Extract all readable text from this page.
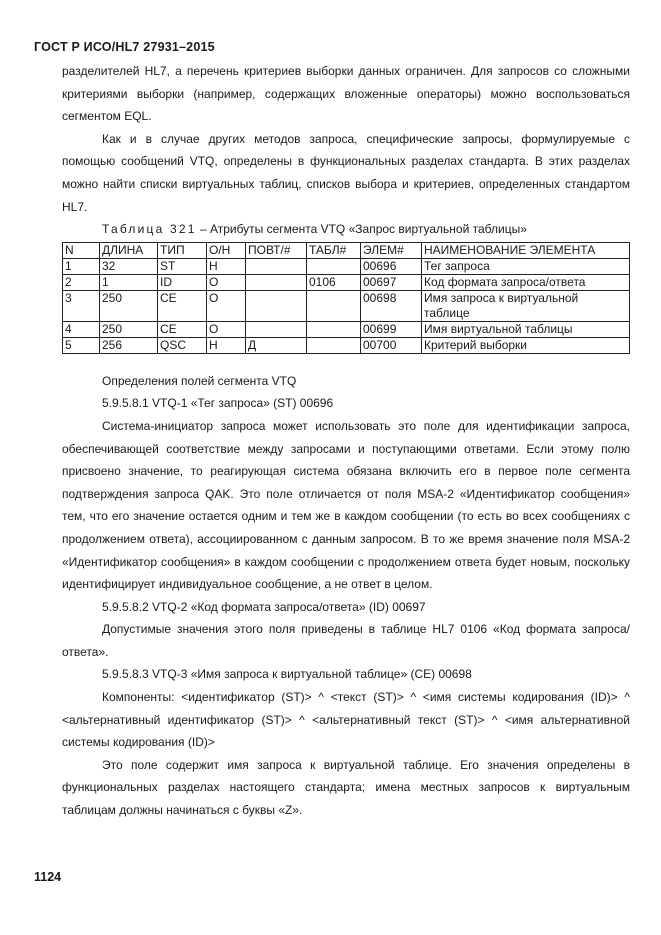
ГОСТ Р ИСО/HL7 27931–2015

разделителей HL7, а перечень критериев выборки данных ограничен. Для запросов со сложными критериями выборки (например, содержащих вложенные операторы) можно воспользоваться сегментом EQL.

Как и в случае других методов запроса, специфические запросы, формулируемые с помощью сообщений VTQ, определены в функциональных разделах стандарта. В этих разделах можно найти списки виртуальных таблиц, списков выбора и критериев, определенных стандартом HL7.

Таблица 321 – Атрибуты сегмента VTQ «Запрос виртуальной таблицы»

N	ДЛИНА	ТИП	О/Н	ПОВТ/#	ТАБЛ#	ЭЛЕМ#	НАИМЕНОВАНИЕ ЭЛЕМЕНТА
1	32	ST	Н			00696	Тег запроса
2	1	ID	О		0106	00697	Код формата запроса/ответа
3	250	CE	О			00698	Имя запроса к виртуальной таблице
4	250	CE	О			00699	Имя виртуальной таблицы
5	256	QSC	Н	Д		00700	Критерий выборки

Определения полей сегмента VTQ

5.9.5.8.1 VTQ-1 «Тег запроса» (ST) 00696

Система-инициатор запроса может использовать это поле для идентификации запроса, обеспечивающей соответствие между запросами и поступающими ответами. Если этому полю присвоено значение, то реагирующая система обязана включить его в первое поле сегмента подтверждения запроса QAK. Это поле отличается от поля MSA-2 «Идентификатор сообщения» тем, что его значение остается одним и тем же в каждом сообщении (то есть во всех сообщениях с продолжением ответа), ассоциированном с данным запросом. В то же время значение поля MSA-2 «Идентификатор сообщения» в каждом сообщении с продолжением ответа будет новым, поскольку идентифицирует индивидуальное сообщение, а не ответ в целом.

5.9.5.8.2 VTQ-2 «Код формата запроса/ответа» (ID) 00697

Допустимые значения этого поля приведены в таблице HL7 0106 «Код формата запроса/ответа».

5.9.5.8.3 VTQ-3 «Имя запроса к виртуальной таблице» (CE) 00698

Компоненты: <идентификатор (ST)> ^ <текст (ST)> ^ <имя системы кодирования (ID)> ^ <альтернативный идентификатор (ST)> ^ <альтернативный текст (ST)> ^ <имя альтернативной системы кодирования (ID)>

Это поле содержит имя запроса к виртуальной таблице. Его значения определены в функциональных разделах настоящего стандарта; имена местных запросов к виртуальным таблицам должны начинаться с буквы «Z».

1124
